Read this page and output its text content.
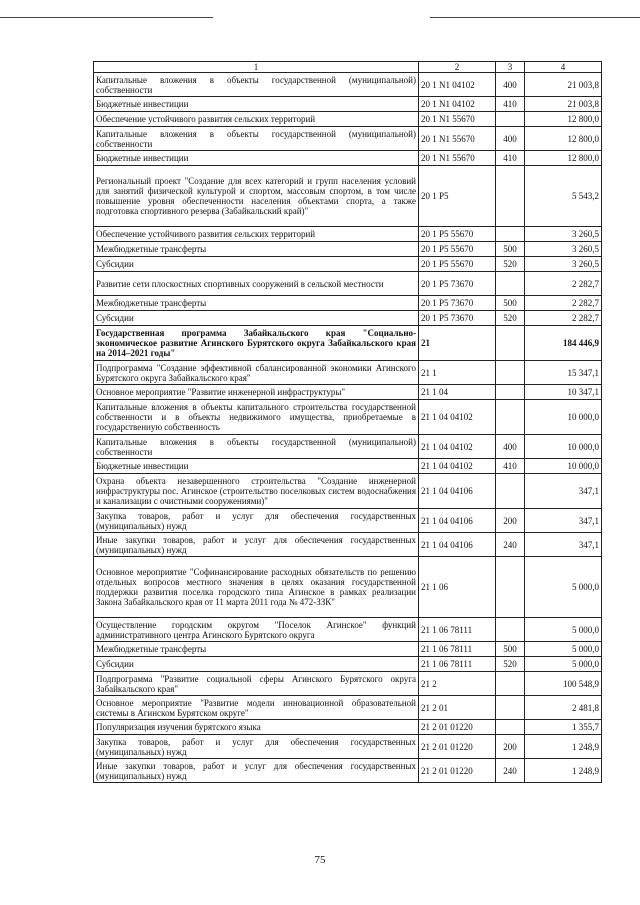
1	2	3	4
Капитальные вложения в объекты государственной (муниципальной) собственности	20 1 N1 04102	400	21 003,8
Бюджетные инвестиции	20 1 N1 04102	410	21 003,8
Обеспечение устойчивого развития сельских территорий	20 1 N1 55670		12 800,0
Капитальные вложения в объекты государственной (муниципальной) собственности	20 1 N1 55670	400	12 800,0
Бюджетные инвестиции	20 1 N1 55670	410	12 800,0
Региональный проект "Создание для всех категорий и групп населения условий для занятий физической культурой и спортом, массовым спортом, в том числе повышение уровня обеспеченности населения объектами спорта, а также подготовка спортивного резерва (Забайкальский край)"	20 1 P5		5 543,2
Обеспечение устойчивого развития сельских территорий	20 1 P5 55670		3 260,5
Межбюджетные трансферты	20 1 P5 55670	500	3 260,5
Субсидии	20 1 P5 55670	520	3 260,5
Развитие сети плоскостных спортивных сооружений в сельской местности	20 1 P5 73670		2 282,7
Межбюджетные трансферты	20 1 P5 73670	500	2 282,7
Субсидии	20 1 P5 73670	520	2 282,7
Государственная программа Забайкальского края "Социально-экономическое развитие Агинского Бурятского округа Забайкальского края на 2014–2021 годы"	21		184 446,9
Подпрограмма "Создание эффективной сбалансированной экономики Агинского Бурятского округа Забайкальского края"	21 1		15 347,1
Основное мероприятие "Развитие инженерной инфраструктуры"	21 1 04		10 347,1
Капитальные вложения в объекты капитального строительства государственной собственности и в объекты недвижимого имущества, приобретаемые в государственную собственность	21 1 04 04102		10 000,0
Капитальные вложения в объекты государственной (муниципальной) собственности	21 1 04 04102	400	10 000,0
Бюджетные инвестиции	21 1 04 04102	410	10 000,0
Охрана объекта незавершенного строительства "Создание инженерной инфраструктуры пос. Агинское (строительство поселковых систем водоснабжения и канализации с очистными сооружениями)"	21 1 04 04106		347,1
Закупка товаров, работ и услуг для обеспечения государственных (муниципальных) нужд	21 1 04 04106	200	347,1
Иные закупки товаров, работ и услуг для обеспечения государственных (муниципальных) нужд	21 1 04 04106	240	347,1
Основное мероприятие "Софинансирование расходных обязательств по решению отдельных вопросов местного значения в целях оказания государственной поддержки развития поселка городского типа Агинское в рамках реализации Закона Забайкальского края от 11 марта 2011 года № 472-ЗЗК"	21 1 06		5 000,0
Осуществление городским округом "Поселок Агинское" функций административного центра Агинского Бурятского округа	21 1 06 78111		5 000,0
Межбюджетные трансферты	21 1 06 78111	500	5 000,0
Субсидии	21 1 06 78111	520	5 000,0
Подпрограмма "Развитие социальной сферы Агинского Бурятского округа Забайкальского края"	21 2		100 548,9
Основное мероприятие "Развитие модели инновационной образовательной системы в Агинском Бурятском округе"	21 2 01		2 481,8
Популяризация изучения бурятского языка	21 2 01 01220		1 355,7
Закупка товаров, работ и услуг для обеспечения государственных (муниципальных) нужд	21 2 01 01220	200	1 248,9
Иные закупки товаров, работ и услуг для обеспечения государственных (муниципальных) нужд	21 2 01 01220	240	1 248,9
75
